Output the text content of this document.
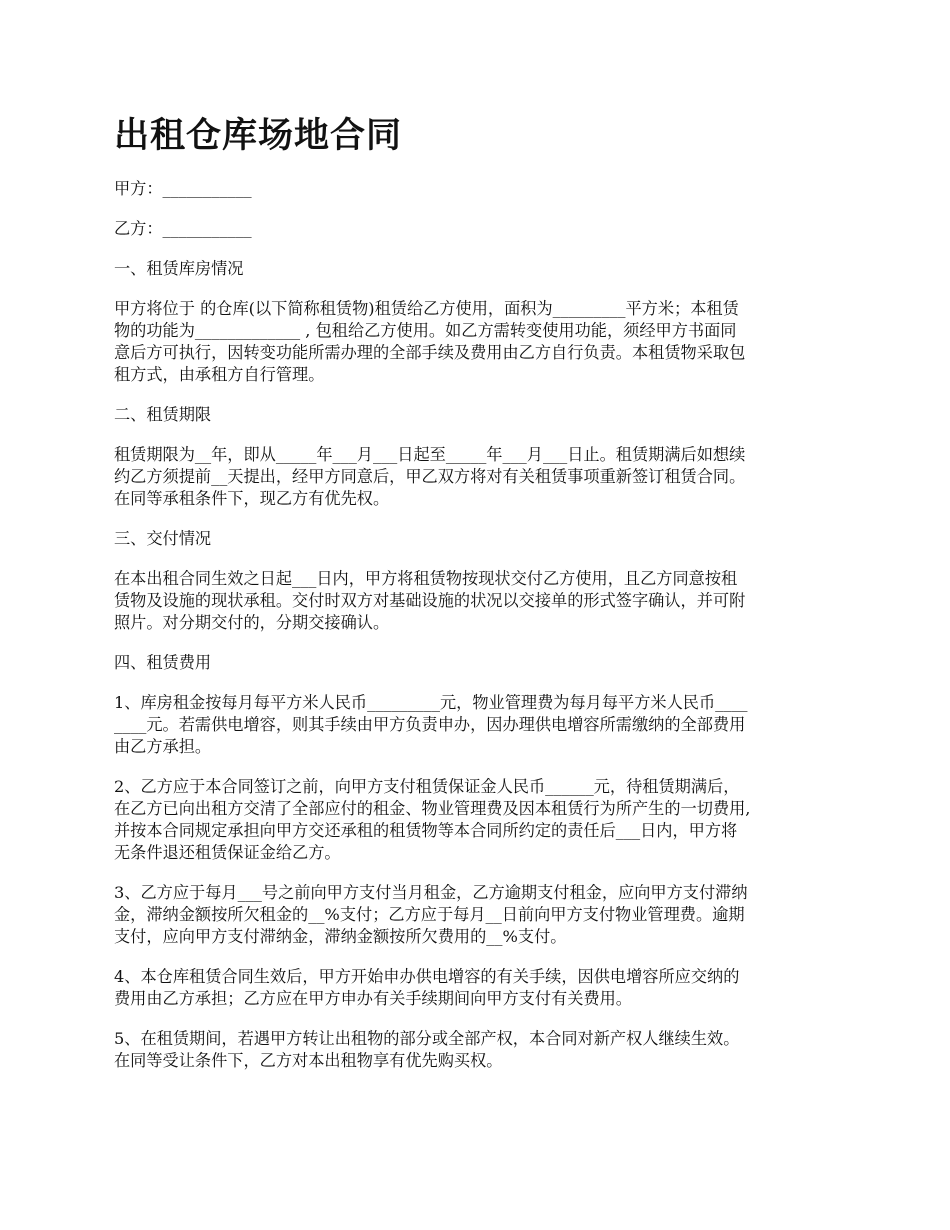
出租仓库场地合同

甲方：___________

乙方：___________

一、租赁库房情况

甲方将位于 的仓库(以下简称租赁物)租赁给乙方使用，面积为_________平方米；本租赁
物的功能为_____________ , 包租给乙方使用。如乙方需转变使用功能，须经甲方书面同
意后方可执行，因转变功能所需办理的全部手续及费用由乙方自行负责。本租赁物采取包
租方式，由承租方自行管理。

二、租赁期限

租赁期限为__年，即从_____年___月___日起至_____年___月___日止。租赁期满后如想续
约乙方须提前__天提出，经甲方同意后，甲乙双方将对有关租赁事项重新签订租赁合同。
在同等承租条件下，现乙方有优先权。

三、交付情况

在本出租合同生效之日起___日内，甲方将租赁物按现状交付乙方使用，且乙方同意按租
赁物及设施的现状承租。交付时双方对基础设施的状况以交接单的形式签字确认，并可附
照片。对分期交付的，分期交接确认。

四、租赁费用

1、库房租金按每月每平方米人民币_________元，物业管理费为每月每平方米人民币____
____元。若需供电增容，则其手续由甲方负责申办，因办理供电增容所需缴纳的全部费用
由乙方承担。

2、乙方应于本合同签订之前，向甲方支付租赁保证金人民币______元，待租赁期满后，
在乙方已向出租方交清了全部应付的租金、物业管理费及因本租赁行为所产生的一切费用,
并按本合同规定承担向甲方交还承租的租赁物等本合同所约定的责任后___日内，甲方将
无条件退还租赁保证金给乙方。

3、乙方应于每月___号之前向甲方支付当月租金，乙方逾期支付租金，应向甲方支付滞纳
金，滞纳金额按所欠租金的__%支付；乙方应于每月__日前向甲方支付物业管理费。逾期
支付，应向甲方支付滞纳金，滞纳金额按所欠费用的__%支付。

4、本仓库租赁合同生效后，甲方开始申办供电增容的有关手续，因供电增容所应交纳的
费用由乙方承担；乙方应在甲方申办有关手续期间向甲方支付有关费用。

5、在租赁期间，若遇甲方转让出租物的部分或全部产权，本合同对新产权人继续生效。
在同等受让条件下，乙方对本出租物享有优先购买权。
